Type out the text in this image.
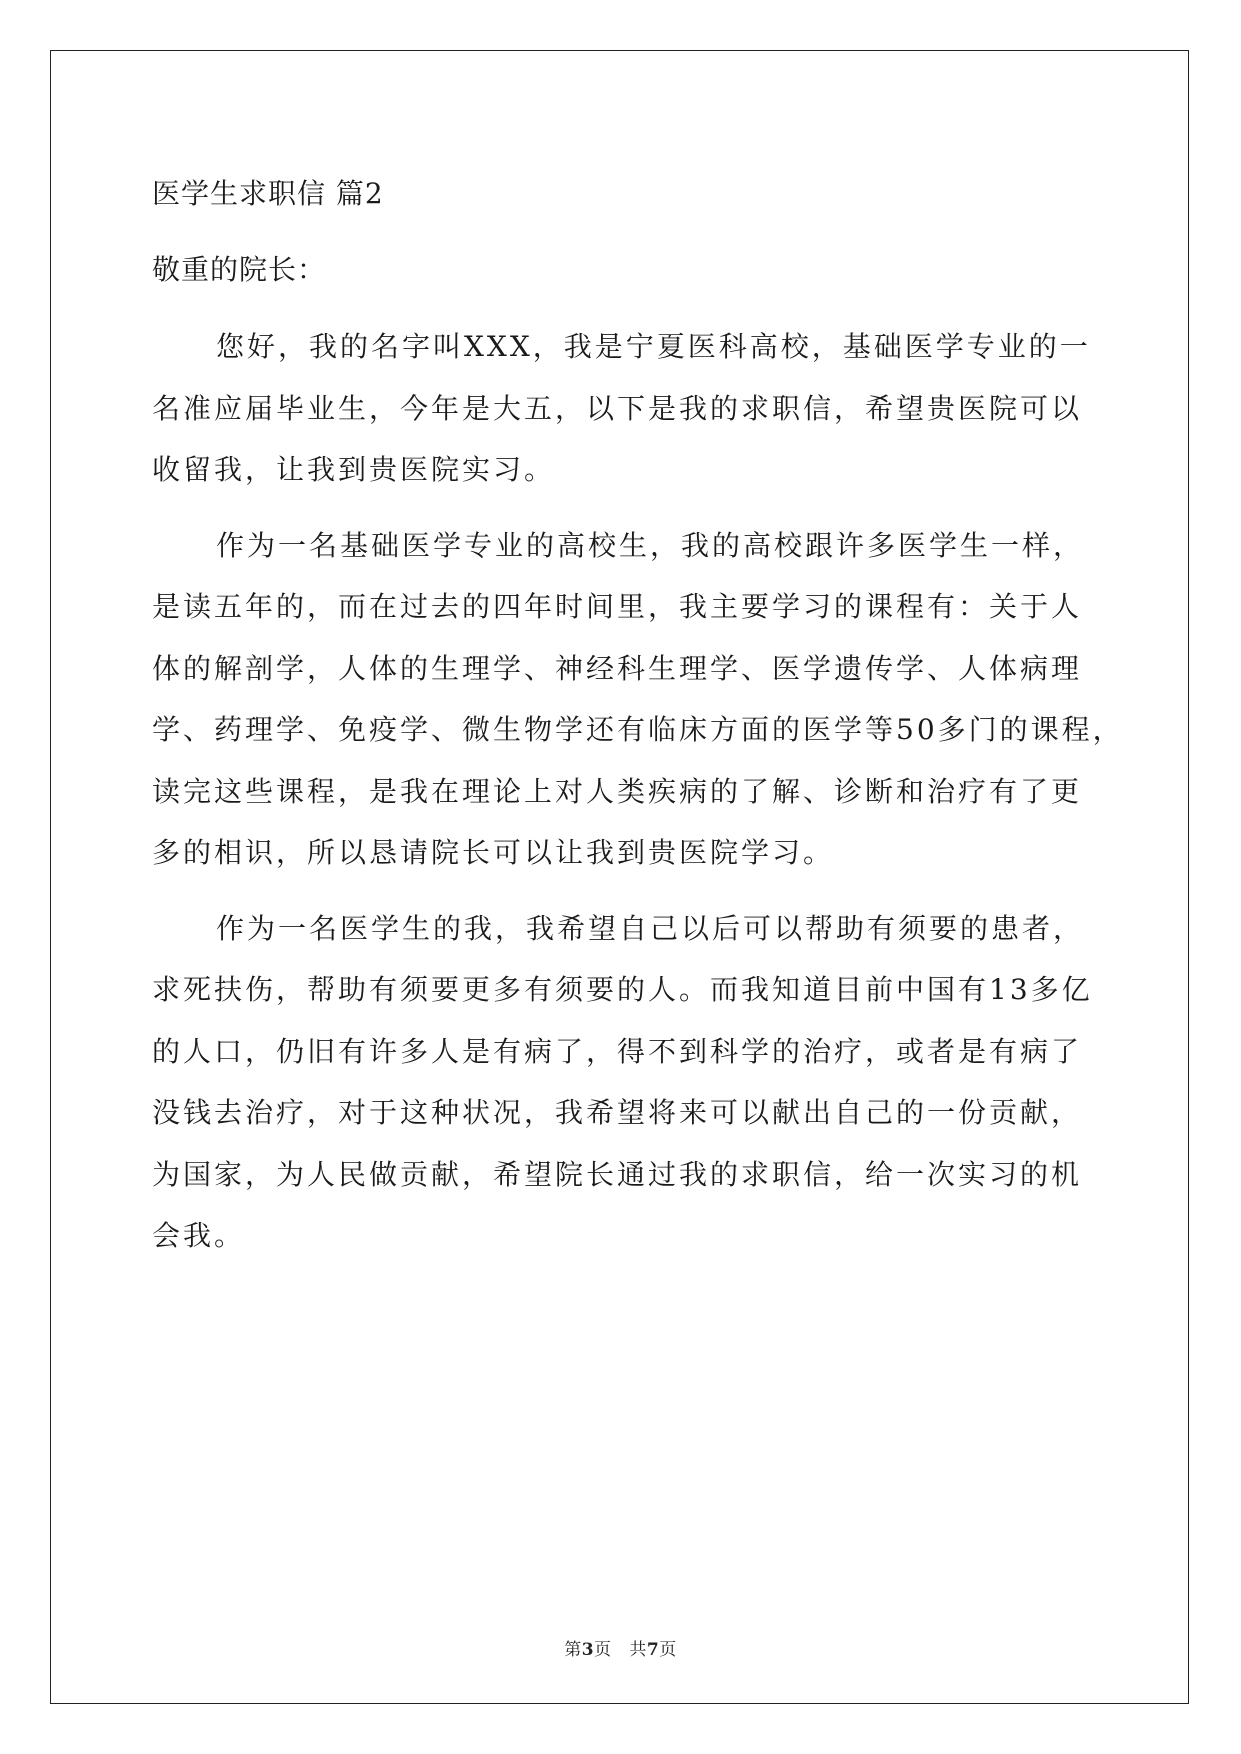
医学生求职信 篇2
敬重的院长：
您好，我的名字叫XXX，我是宁夏医科高校，基础医学专业的一
名准应届毕业生，今年是大五，以下是我的求职信，希望贵医院可以
收留我，让我到贵医院实习。
作为一名基础医学专业的高校生，我的高校跟许多医学生一样，
是读五年的，而在过去的四年时间里，我主要学习的课程有：关于人
体的解剖学，人体的生理学、神经科生理学、医学遗传学、人体病理
学、药理学、免疫学、微生物学还有临床方面的医学等50多门的课程，
读完这些课程，是我在理论上对人类疾病的了解、诊断和治疗有了更
多的相识，所以恳请院长可以让我到贵医院学习。
作为一名医学生的我，我希望自己以后可以帮助有须要的患者，
求死扶伤，帮助有须要更多有须要的人。而我知道目前中国有13多亿
的人口，仍旧有许多人是有病了，得不到科学的治疗，或者是有病了
没钱去治疗，对于这种状况，我希望将来可以献出自己的一份贡献，
为国家，为人民做贡献，希望院长通过我的求职信，给一次实习的机
会我。
第3页 共7页
